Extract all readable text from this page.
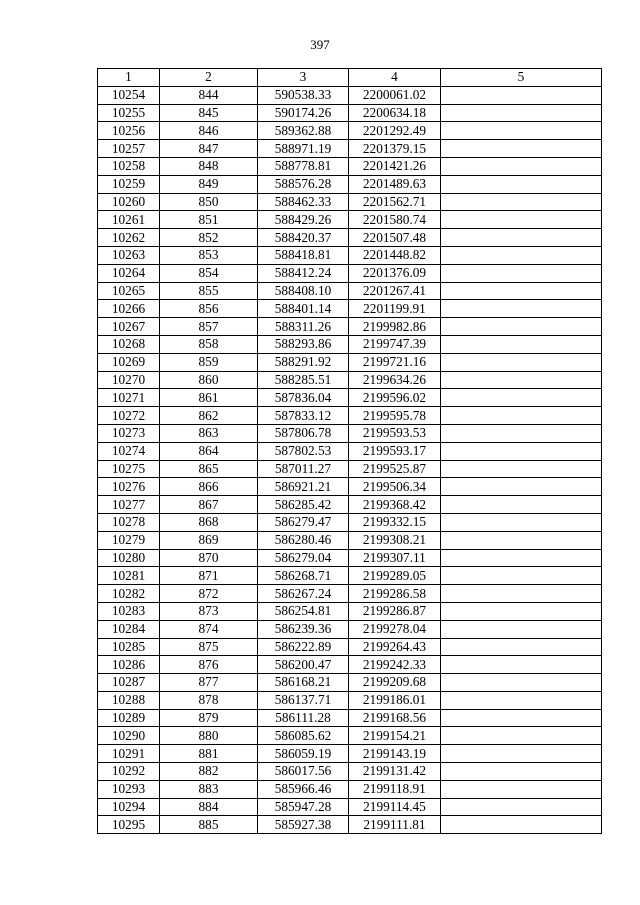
397
1	2	3	4	5
10254	844	590538.33	2200061.02	
10255	845	590174.26	2200634.18	
10256	846	589362.88	2201292.49	
10257	847	588971.19	2201379.15	
10258	848	588778.81	2201421.26	
10259	849	588576.28	2201489.63	
10260	850	588462.33	2201562.71	
10261	851	588429.26	2201580.74	
10262	852	588420.37	2201507.48	
10263	853	588418.81	2201448.82	
10264	854	588412.24	2201376.09	
10265	855	588408.10	2201267.41	
10266	856	588401.14	2201199.91	
10267	857	588311.26	2199982.86	
10268	858	588293.86	2199747.39	
10269	859	588291.92	2199721.16	
10270	860	588285.51	2199634.26	
10271	861	587836.04	2199596.02	
10272	862	587833.12	2199595.78	
10273	863	587806.78	2199593.53	
10274	864	587802.53	2199593.17	
10275	865	587011.27	2199525.87	
10276	866	586921.21	2199506.34	
10277	867	586285.42	2199368.42	
10278	868	586279.47	2199332.15	
10279	869	586280.46	2199308.21	
10280	870	586279.04	2199307.11	
10281	871	586268.71	2199289.05	
10282	872	586267.24	2199286.58	
10283	873	586254.81	2199286.87	
10284	874	586239.36	2199278.04	
10285	875	586222.89	2199264.43	
10286	876	586200.47	2199242.33	
10287	877	586168.21	2199209.68	
10288	878	586137.71	2199186.01	
10289	879	586111.28	2199168.56	
10290	880	586085.62	2199154.21	
10291	881	586059.19	2199143.19	
10292	882	586017.56	2199131.42	
10293	883	585966.46	2199118.91	
10294	884	585947.28	2199114.45	
10295	885	585927.38	2199111.81	
